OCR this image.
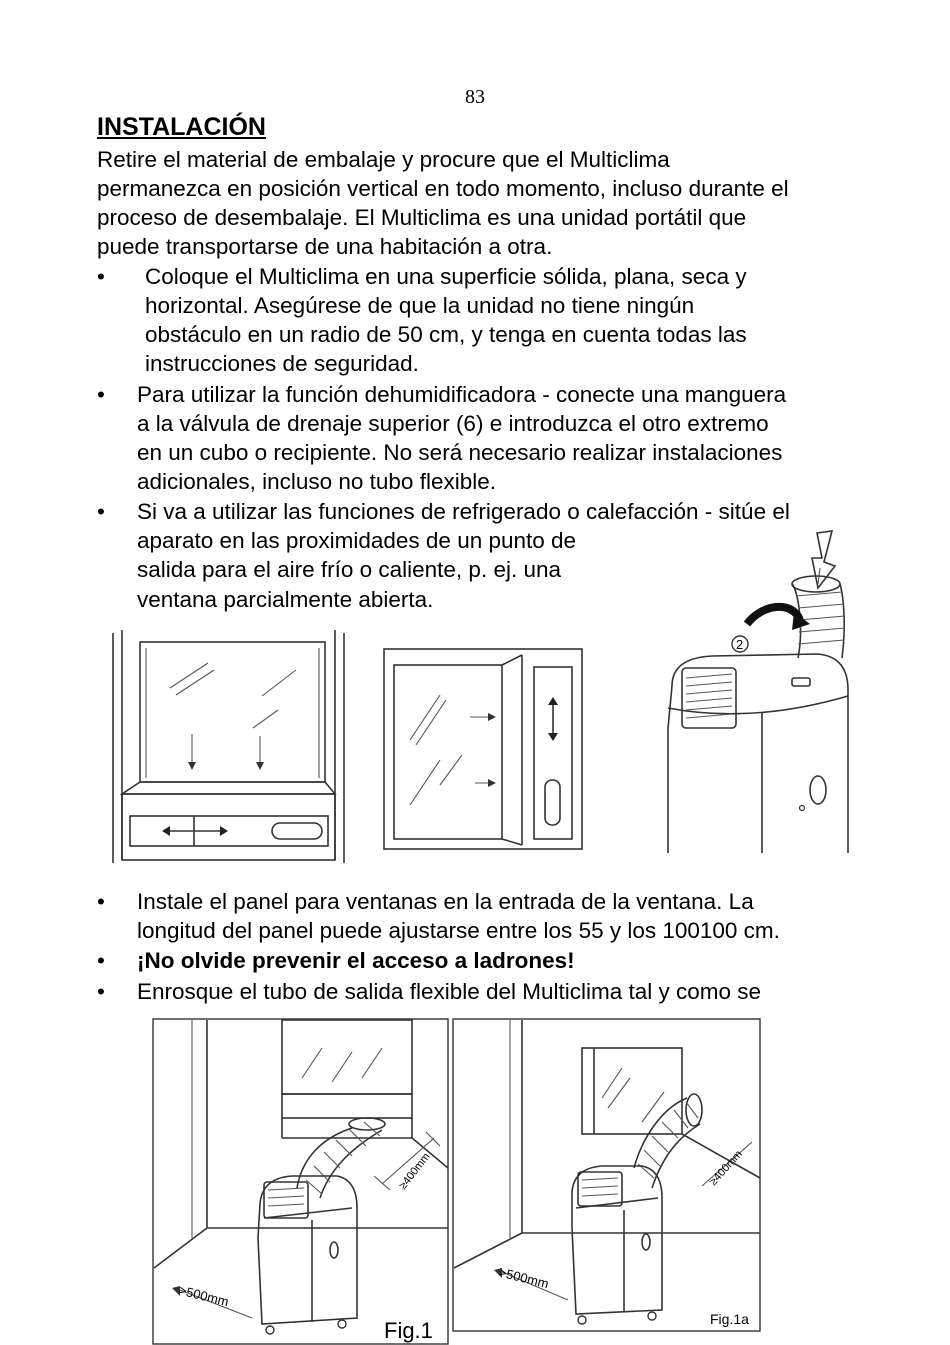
83
INSTALACIÓN

Retire el material de embalaje y procure que el Multiclima

permanezca en posición vertical en todo momento, incluso durante el

proceso de desembalaje. El Multiclima es una unidad portátil que

puede transportarse de una habitación a otra.

• Coloque el Multiclima en una superficie sólida, plana, seca y

horizontal. Asegúrese de que la unidad no tiene ningún

obstáculo en un radio de 50 cm, y tenga en cuenta todas las

instrucciones de seguridad.

• Para utilizar la función dehumidificadora - conecte una manguera

a la válvula de drenaje superior (6) e introduzca el otro extremo

en un cubo o recipiente. No será necesario realizar instalaciones

adicionales, incluso no tubo flexible.

• Si va a utilizar las funciones de refrigerado o calefacción - sitúe el

aparato en las proximidades de un punto de

salida para el aire frío o caliente, p. ej. una

ventana parcialmente abierta.

2
• Instale el panel para ventanas en la entrada de la ventana. La

longitud del panel puede ajustarse entre los 55 y los 100100 cm.

• ¡No olvide prevenir el acceso a ladrones!

• Enrosque el tubo de salida flexible del Multiclima tal y como se

≥400mm
>500mm
Fig.1
≥400mm
>500mm
Fig.1a
